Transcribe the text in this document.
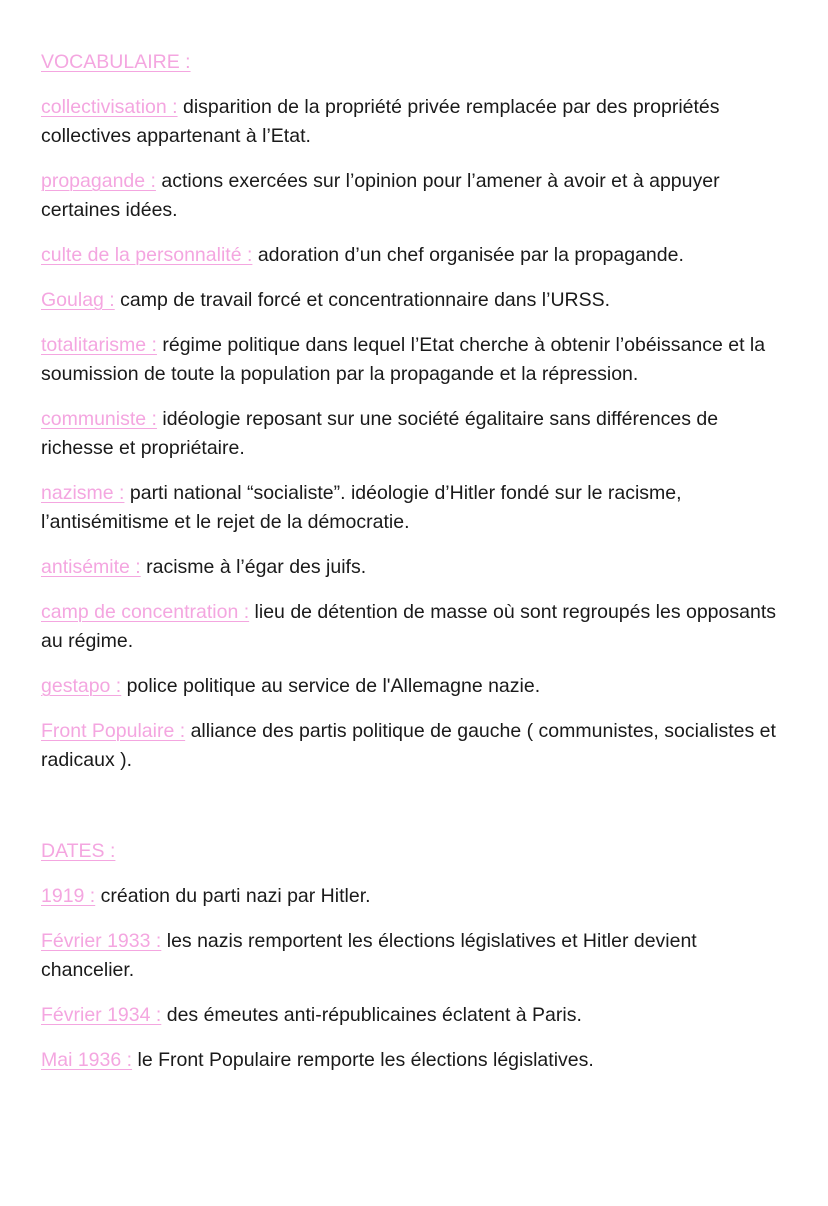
VOCABULAIRE :

collectivisation : disparition de la propriété privée remplacée par des propriétés collectives appartenant à l’Etat.

propagande : actions exercées sur l’opinion pour l’amener à avoir et à appuyer certaines idées.

culte de la personnalité : adoration d’un chef organisée par la propagande.

Goulag : camp de travail forcé et concentrationnaire dans l’URSS.

totalitarisme : régime politique dans lequel l’Etat cherche à obtenir l’obéissance et la soumission de toute la population par la propagande et la répression.

communiste : idéologie reposant sur une société égalitaire sans différences de richesse et propriétaire.

nazisme : parti national “socialiste”. idéologie d’Hitler fondé sur le racisme, l’antisémitisme et le rejet de la démocratie.

antisémite : racisme à l’égar des juifs.

camp de concentration : lieu de détention de masse où sont regroupés les opposants au régime.

gestapo : police politique au service de l'Allemagne nazie.

Front Populaire : alliance des partis politique de gauche ( communistes, socialistes et radicaux ).

DATES :

1919 : création du parti nazi par Hitler.

Février 1933 : les nazis remportent les élections législatives et Hitler devient chancelier.

Février 1934 : des émeutes anti-républicaines éclatent à Paris.

Mai 1936 : le Front Populaire remporte les élections législatives.
